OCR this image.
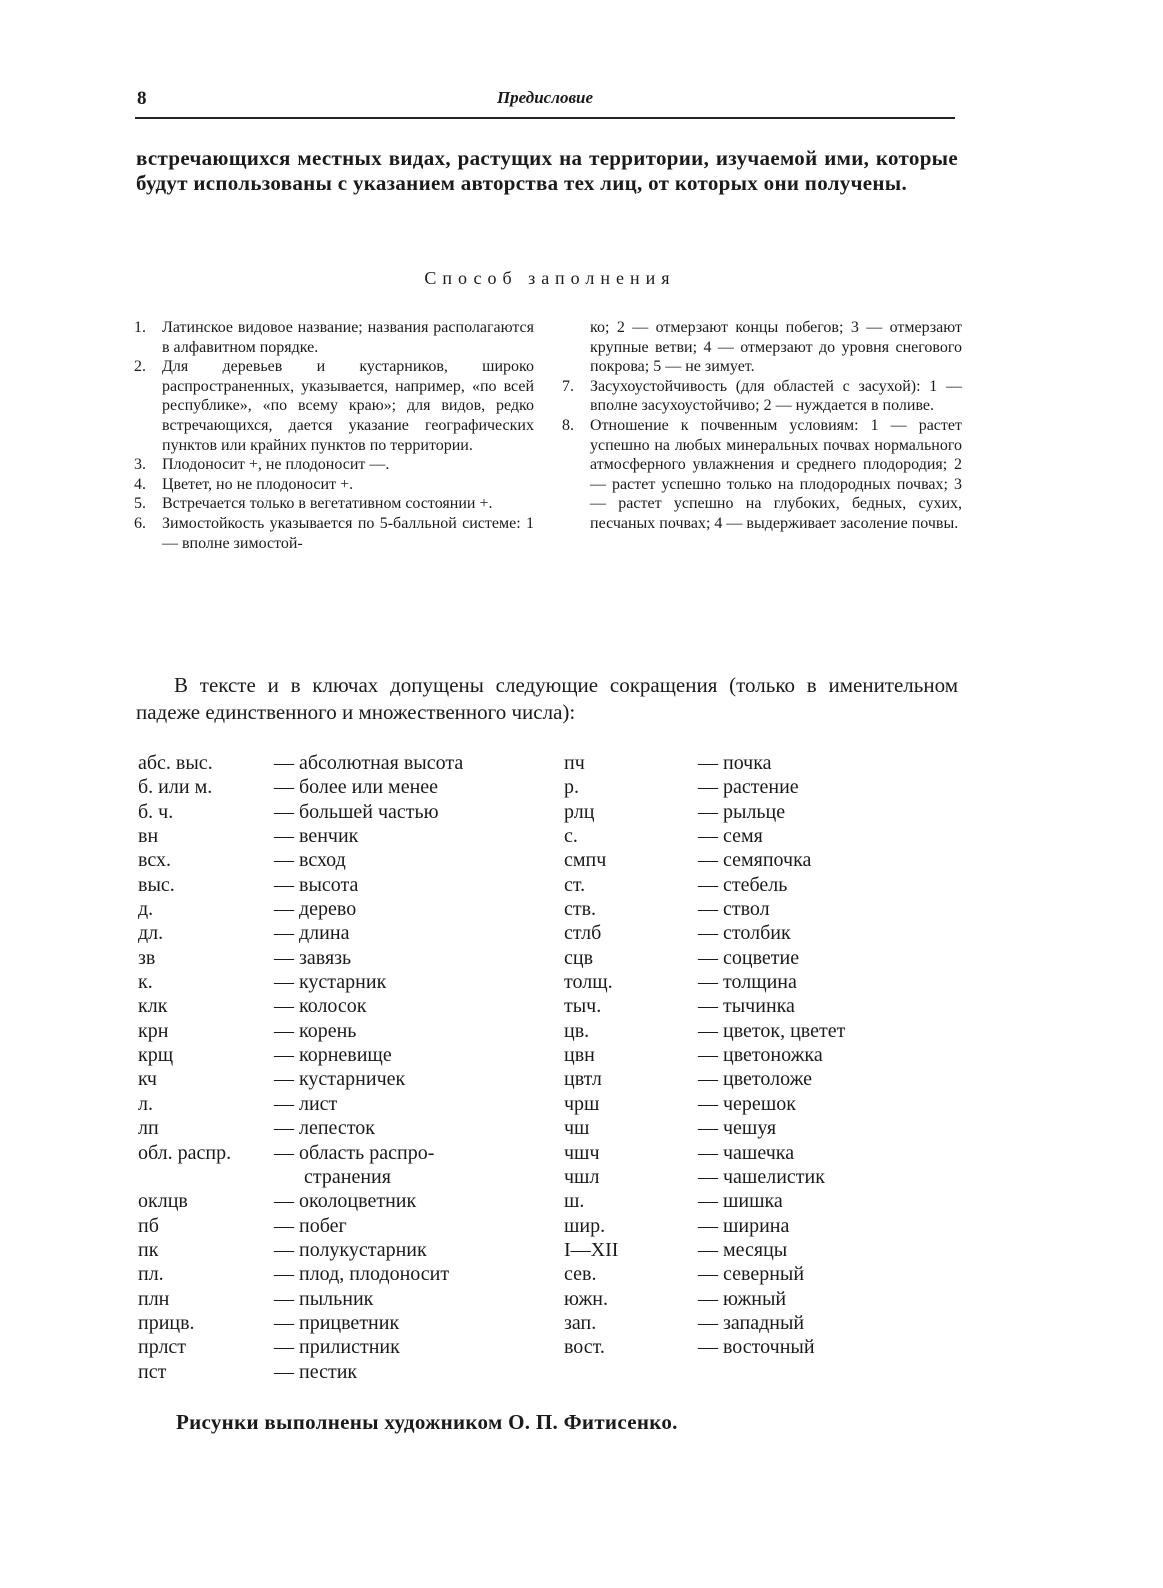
8	Предисловие

встречающихся местных видах, растущих на территории, изучаемой ими, которые будут использованы с указанием авторства тех лиц, от которых они получены.

Способ заполнения
1.	Латинское видовое название; названия располагаются в алфавитном порядке.
2.	Для деревьев и кустарников, широко распространенных, указывается, например, «по всей республике», «по всему краю»; для видов, редко встречающихся, дается указание географических пунктов или крайних пунктов по территории.
3.	Плодоносит +, не плодоносит —.
4.	Цветет, но не плодоносит +.
5.	Встречается только в вегетативном состоянии +.
6.	Зимостойкость указывается по 5-балльной системе: 1 — вполне зимостой-
ко; 2 — отмерзают концы побегов; 3 — отмерзают крупные ветви; 4 — отмерзают до уровня снегового покрова; 5 — не зимует.
7.	Засухоустойчивость (для областей с засухой): 1 — вполне засухоустойчиво; 2 — нуждается в поливе.
8.	Отношение к почвенным условиям: 1 — растет успешно на любых минеральных почвах нормального атмосферного увлажнения и среднего плодородия; 2 — растет успешно только на плодородных почвах; 3 — растет успешно на глубоких, бедных, сухих, песчаных почвах; 4 — выдерживает засоление почвы.

В тексте и в ключах допущены следующие сокращения (только в именительном падеже единственного и множественного числа):

абс. выс.	— абсолютная высота
б. или м.	— более или менее
б. ч.	— большей частью
вн	— венчик
всх.	— всход
выс.	— высота
д.	— дерево
дл.	— длина
зв	— завязь
к.	— кустарник
клк	— колосок
крн	— корень
крщ	— корневище
кч	— кустарничек
л.	— лист
лп	— лепесток
обл. распр.	— область распро-
странения
оклцв	— околоцветник
пб	— побег
пк	— полукустарник
пл.	— плод, плодоносит
плн	— пыльник
прицв.	— прицветник
прлст	— прилистник
пст	— пестик
пч	— почка
р.	— растение
рлц	— рыльце
с.	— семя
смпч	— семяпочка
ст.	— стебель
ств.	— ствол
стлб	— столбик
сцв	— соцветие
толщ.	— толщина
тыч.	— тычинка
цв.	— цветок, цветет
цвн	— цветоножка
цвтл	— цветоложе
чрш	— черешок
чш	— чешуя
чшч	— чашечка
чшл	— чашелистик
ш.	— шишка
шир.	— ширина
I—XII	— месяцы
сев.	— северный
южн.	— южный
зап.	— западный
вост.	— восточный
Рисунки выполнены художником О. П. Фитисенко.
